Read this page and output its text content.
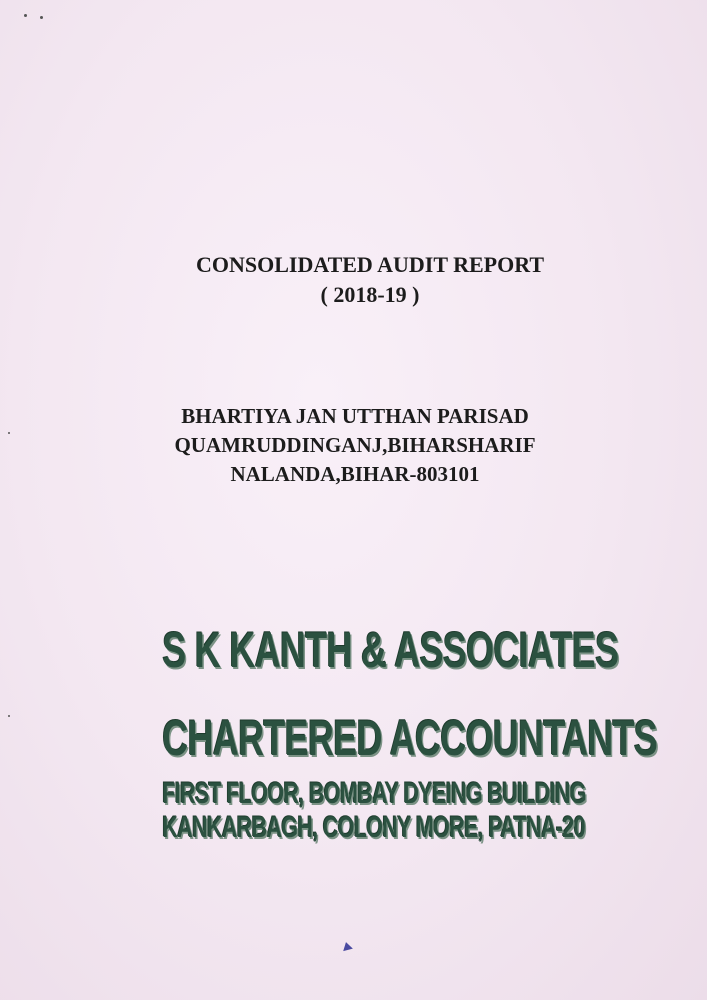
CONSOLIDATED AUDIT REPORT
( 2018-19 )
BHARTIYA JAN UTTHAN PARISAD
QUAMRUDDINGANJ,BIHARSHARIF
NALANDA,BIHAR-803101
S K KANTH & ASSOCIATES
CHARTERED ACCOUNTANTS
FIRST FLOOR, BOMBAY DYEING BUILDING
KANKARBAGH, COLONY MORE, PATNA-20
